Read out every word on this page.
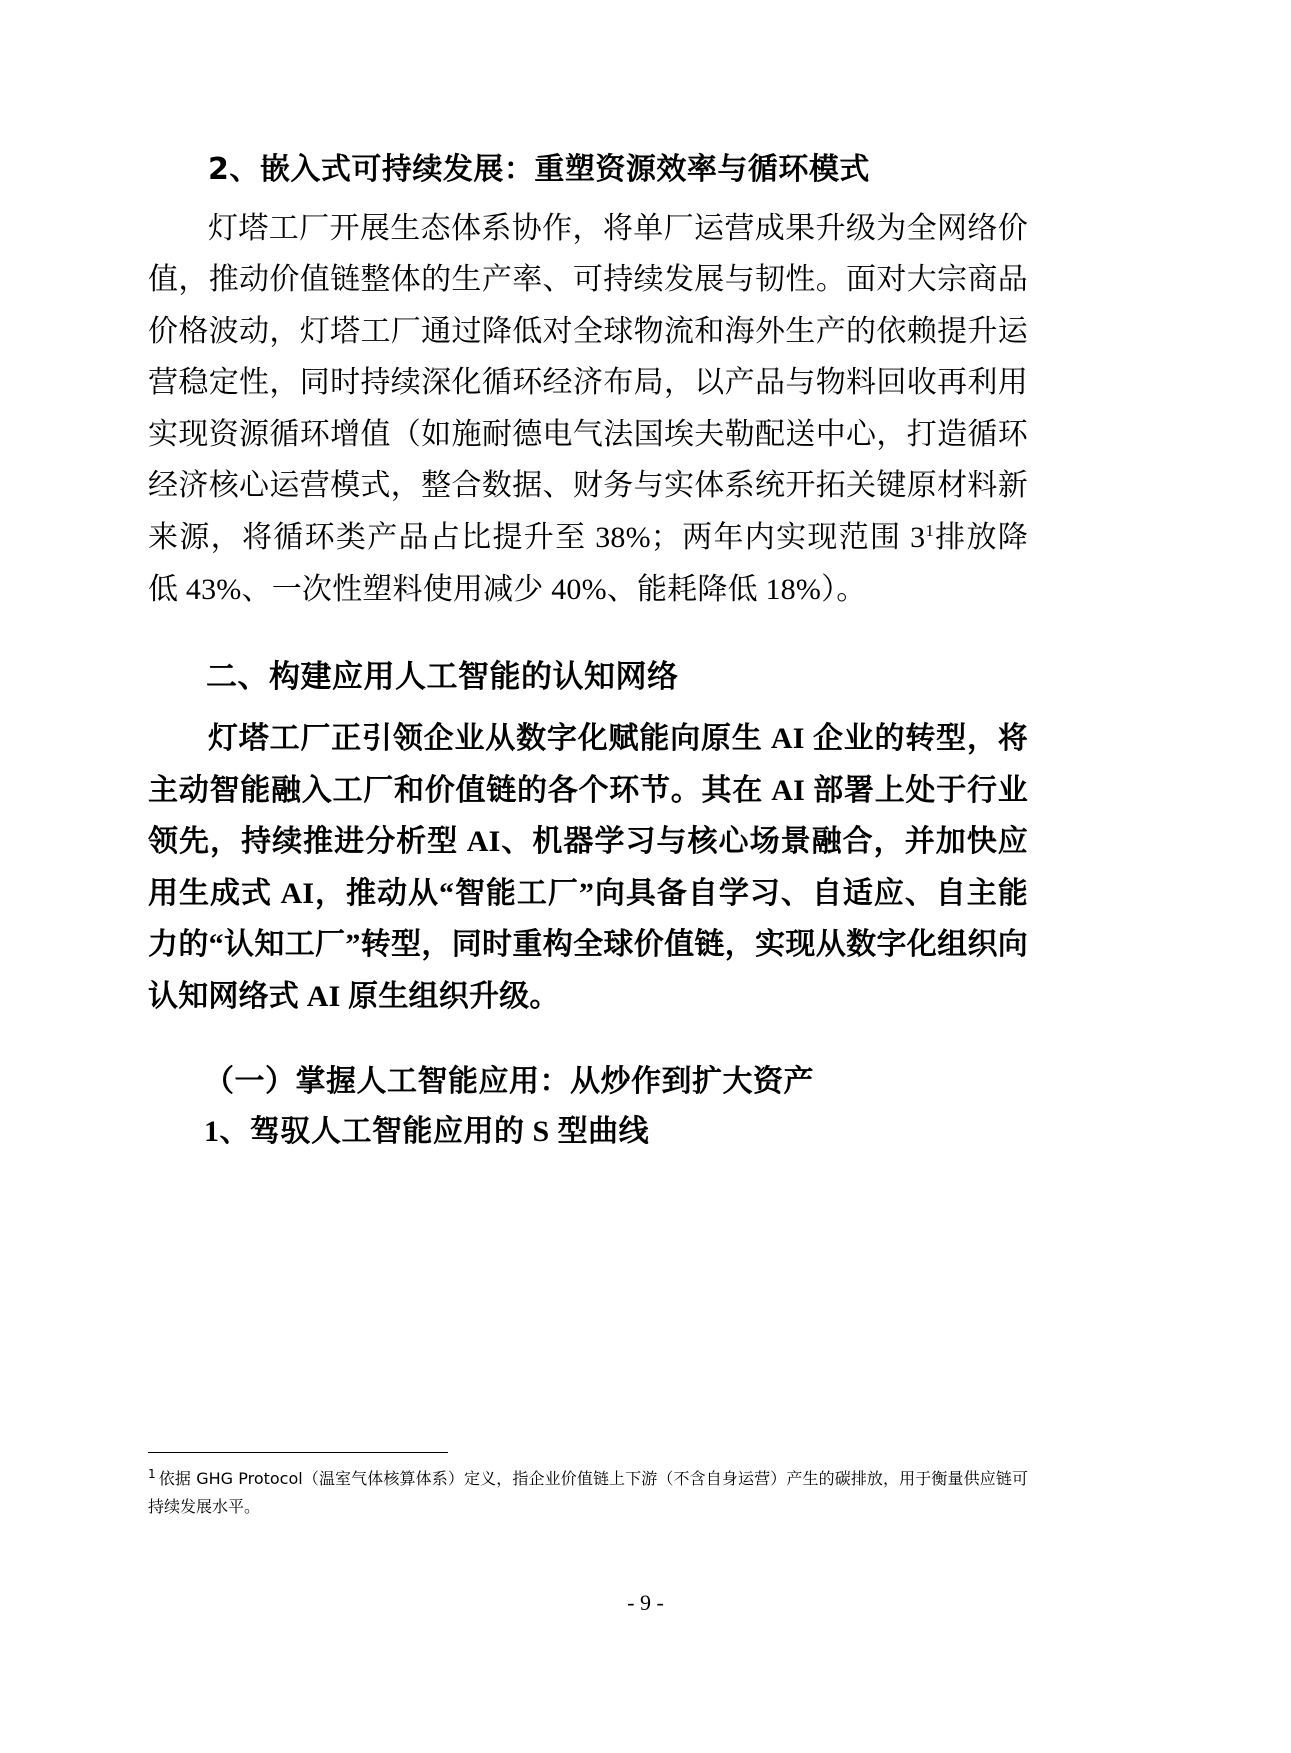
2、嵌入式可持续发展：重塑资源效率与循环模式

灯塔工厂开展生态体系协作，将单厂运营成果升级为全网络价值，推动价值链整体的生产率、可持续发展与韧性。面对大宗商品价格波动，灯塔工厂通过降低对全球物流和海外生产的依赖提升运营稳定性，同时持续深化循环经济布局，以产品与物料回收再利用实现资源循环增值（如施耐德电气法国埃夫勒配送中心，打造循环经济核心运营模式，整合数据、财务与实体系统开拓关键原材料新来源，将循环类产品占比提升至 38%；两年内实现范围 3$^1$排放降低 43%、一次性塑料使用减少 40%、能耗降低 18%）。

二、构建应用人工智能的认知网络

灯塔工厂正引领企业从数字化赋能向原生 AI 企业的转型，将主动智能融入工厂和价值链的各个环节。其在 AI 部署上处于行业领先，持续推进分析型 AI、机器学习与核心场景融合，并加快应用生成式 AI，推动从“智能工厂”向具备自学习、自适应、自主能力的“认知工厂”转型，同时重构全球价值链，实现从数字化组织向认知网络式 AI 原生组织升级。

（一）掌握人工智能应用：从炒作到扩大资产
1、驾驭人工智能应用的 S 型曲线

$^1$ 依据 GHG Protocol（温室气体核算体系）定义，指企业价值链上下游（不含自身运营）产生的碳排放，用于衡量供应链可持续发展水平。

- 9 -
